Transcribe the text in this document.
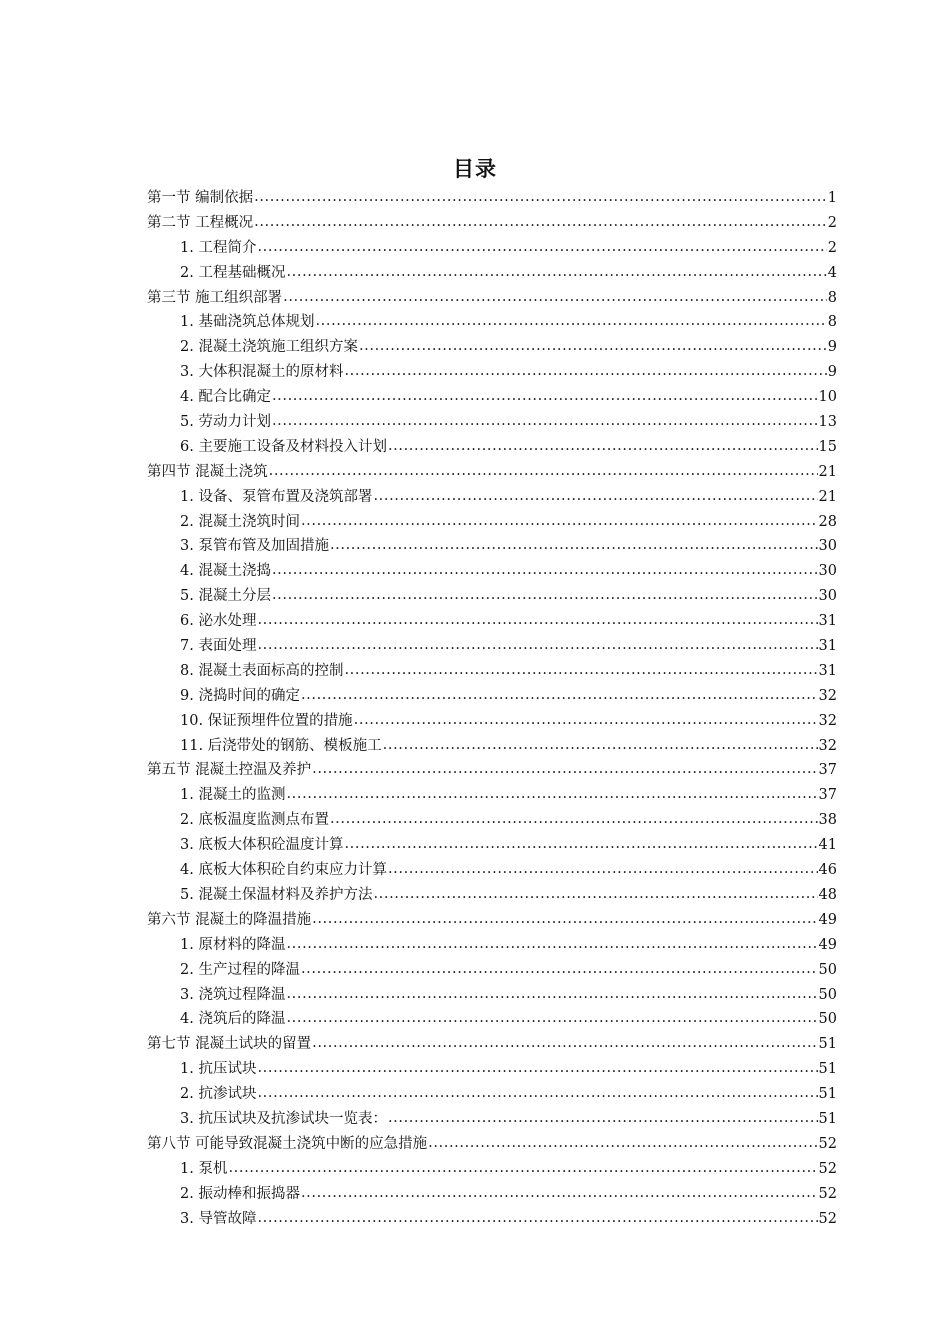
目录
第一节 编制依据 .....	1
第二节 工程概况 .....	2
1. 工程简介 .....	2
2. 工程基础概况 .....	4
第三节 施工组织部署 .....	8
1. 基础浇筑总体规划 .....	8
2. 混凝土浇筑施工组织方案 .....	9
3. 大体积混凝土的原材料 .....	9
4. 配合比确定 .....	10
5. 劳动力计划 .....	13
6. 主要施工设备及材料投入计划 .....	15
第四节 混凝土浇筑 .....	21
1. 设备、泵管布置及浇筑部署 .....	21
2. 混凝土浇筑时间 .....	28
3. 泵管布管及加固措施 .....	30
4. 混凝土浇捣 .....	30
5. 混凝土分层 .....	30
6. 泌水处理 .....	31
7. 表面处理 .....	31
8. 混凝土表面标高的控制 .....	31
9. 浇捣时间的确定 .....	32
10. 保证预埋件位置的措施 .....	32
11. 后浇带处的钢筋、模板施工 .....	32
第五节 混凝土控温及养护 .....	37
1. 混凝土的监测 .....	37
2. 底板温度监测点布置 .....	38
3. 底板大体积砼温度计算 .....	41
4. 底板大体积砼自约束应力计算 .....	46
5. 混凝土保温材料及养护方法 .....	48
第六节 混凝土的降温措施 .....	49
1. 原材料的降温 .....	49
2. 生产过程的降温 .....	50
3. 浇筑过程降温 .....	50
4. 浇筑后的降温 .....	50
第七节 混凝土试块的留置 .....	51
1. 抗压试块 .....	51
2. 抗渗试块 .....	51
3. 抗压试块及抗渗试块一览表： .....	51
第八节 可能导致混凝土浇筑中断的应急措施 .....	52
1. 泵机 .....	52
2. 振动棒和振捣器 .....	52
3. 导管故障 .....	52
